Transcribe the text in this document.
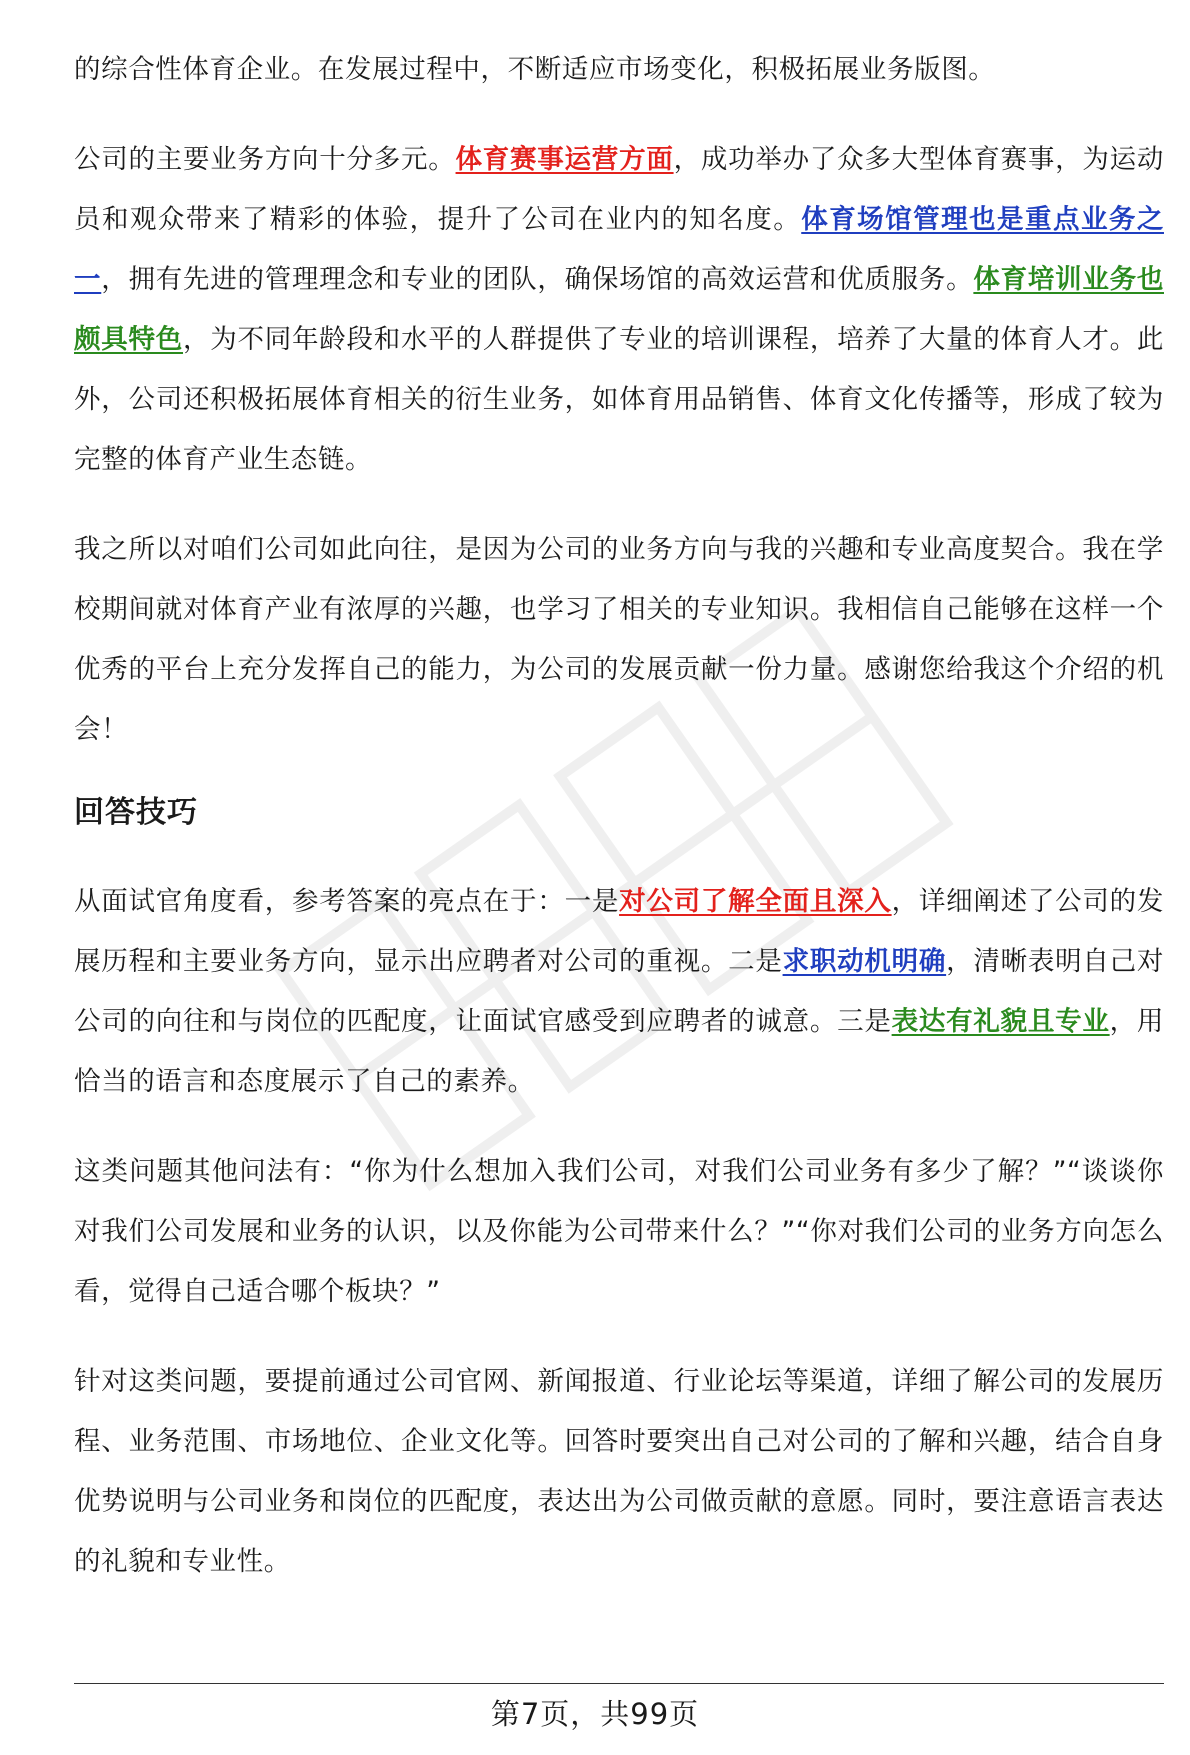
的综合性体育企业。在发展过程中，不断适应市场变化，积极拓展业务版图。

公司的主要业务方向十分多元。体育赛事运营方面，成功举办了众多大型体育赛事，为运动员和观众带来了精彩的体验，提升了公司在业内的知名度。体育场馆管理也是重点业务之一，拥有先进的管理理念和专业的团队，确保场馆的高效运营和优质服务。体育培训业务也颇具特色，为不同年龄段和水平的人群提供了专业的培训课程，培养了大量的体育人才。此外，公司还积极拓展体育相关的衍生业务，如体育用品销售、体育文化传播等，形成了较为完整的体育产业生态链。

我之所以对咱们公司如此向往，是因为公司的业务方向与我的兴趣和专业高度契合。我在学校期间就对体育产业有浓厚的兴趣，也学习了相关的专业知识。我相信自己能够在这样一个优秀的平台上充分发挥自己的能力，为公司的发展贡献一份力量。感谢您给我这个介绍的机会！

回答技巧

从面试官角度看，参考答案的亮点在于：一是对公司了解全面且深入，详细阐述了公司的发展历程和主要业务方向，显示出应聘者对公司的重视。二是求职动机明确，清晰表明自己对公司的向往和与岗位的匹配度，让面试官感受到应聘者的诚意。三是表达有礼貌且专业，用恰当的语言和态度展示了自己的素养。

这类问题其他问法有：“你为什么想加入我们公司，对我们公司业务有多少了解？”“谈谈你对我们公司发展和业务的认识，以及你能为公司带来什么？”“你对我们公司的业务方向怎么看，觉得自己适合哪个板块？”

针对这类问题，要提前通过公司官网、新闻报道、行业论坛等渠道，详细了解公司的发展历程、业务范围、市场地位、企业文化等。回答时要突出自己对公司的了解和兴趣，结合自身优势说明与公司业务和岗位的匹配度，表达出为公司做贡献的意愿。同时，要注意语言表达的礼貌和专业性。

第7页，共99页
